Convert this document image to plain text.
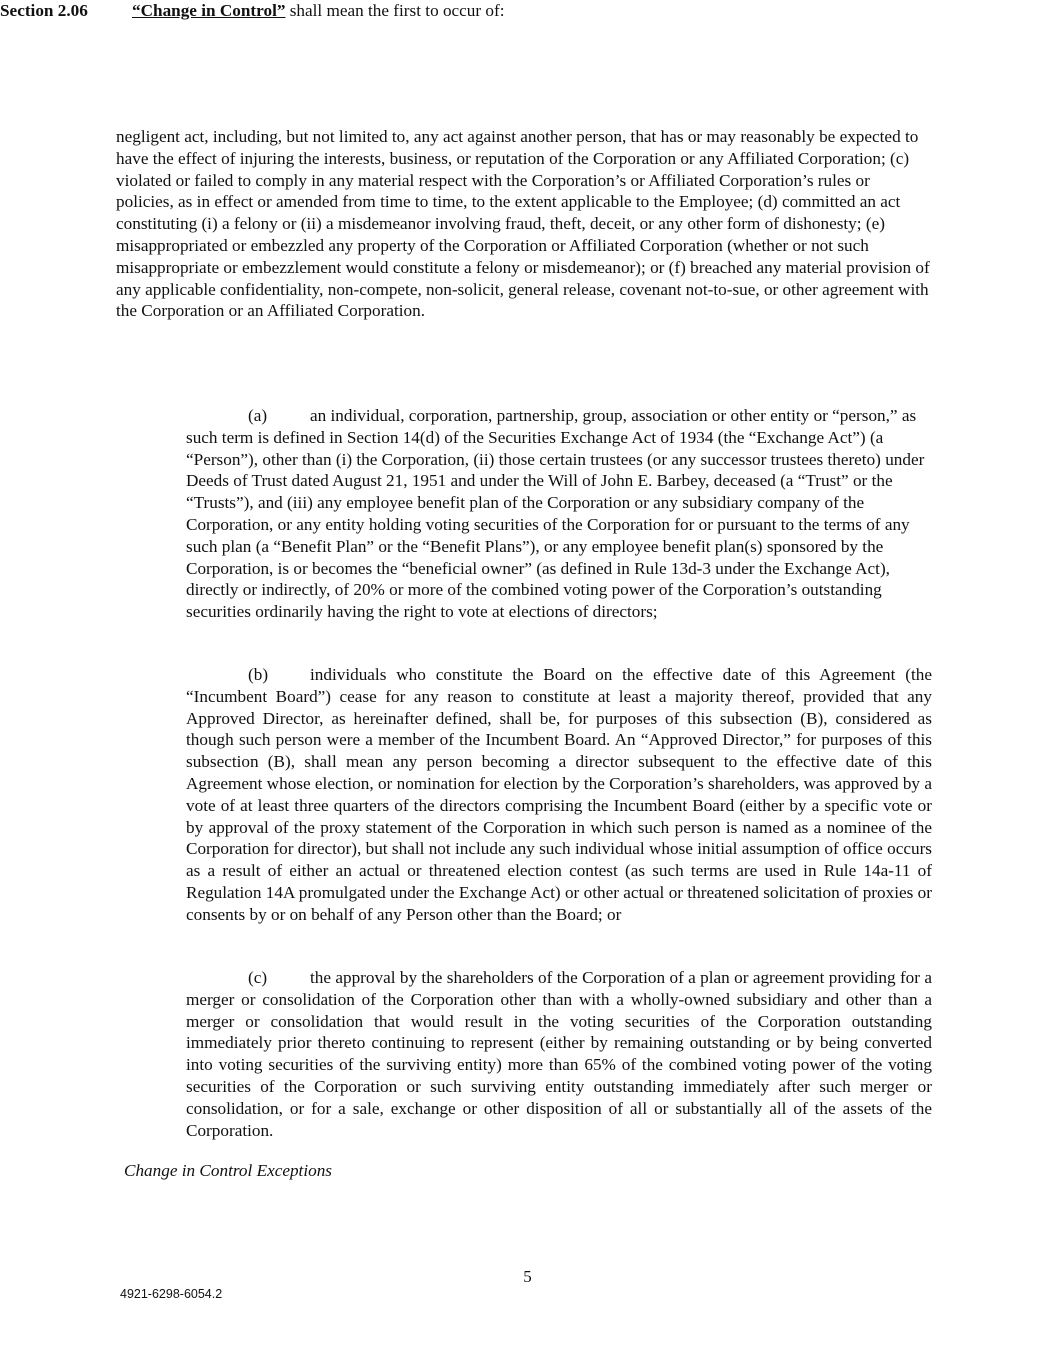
negligent act, including, but not limited to, any act against another person, that has or may reasonably be expected to have the effect of injuring the interests, business, or reputation of the Corporation or any Affiliated Corporation; (c) violated or failed to comply in any material respect with the Corporation’s or Affiliated Corporation’s rules or policies, as in effect or amended from time to time, to the extent applicable to the Employee; (d) committed an act constituting (i) a felony or (ii) a misdemeanor involving fraud, theft, deceit, or any other form of dishonesty; (e) misappropriated or embezzled any property of the Corporation or Affiliated Corporation (whether or not such misappropriate or embezzlement would constitute a felony or misdemeanor); or (f) breached any material provision of any applicable confidentiality, non-compete, non-solicit, general release, covenant not-to-sue, or other agreement with the Corporation or an Affiliated Corporation.

Section 2.06	“Change in Control” shall mean the first to occur of:

(a) an individual, corporation, partnership, group, association or other entity or “person,” as such term is defined in Section 14(d) of the Securities Exchange Act of 1934 (the “Exchange Act”) (a “Person”), other than (i) the Corporation, (ii) those certain trustees (or any successor trustees thereto) under Deeds of Trust dated August 21, 1951 and under the Will of John E. Barbey, deceased (a “Trust” or the “Trusts”), and (iii) any employee benefit plan of the Corporation or any subsidiary company of the Corporation, or any entity holding voting securities of the Corporation for or pursuant to the terms of any such plan (a “Benefit Plan” or the “Benefit Plans”), or any employee benefit plan(s) sponsored by the Corporation, is or becomes the “beneficial owner” (as defined in Rule 13d-3 under the Exchange Act), directly or indirectly, of 20% or more of the combined voting power of the Corporation’s outstanding securities ordinarily having the right to vote at elections of directors;

(b) individuals who constitute the Board on the effective date of this Agreement (the “Incumbent Board”) cease for any reason to constitute at least a majority thereof, provided that any Approved Director, as hereinafter defined, shall be, for purposes of this subsection (B), considered as though such person were a member of the Incumbent Board. An “Approved Director,” for purposes of this subsection (B), shall mean any person becoming a director subsequent to the effective date of this Agreement whose election, or nomination for election by the Corporation’s shareholders, was approved by a vote of at least three quarters of the directors comprising the Incumbent Board (either by a specific vote or by approval of the proxy statement of the Corporation in which such person is named as a nominee of the Corporation for director), but shall not include any such individual whose initial assumption of office occurs as a result of either an actual or threatened election contest (as such terms are used in Rule 14a-11 of Regulation 14A promulgated under the Exchange Act) or other actual or threatened solicitation of proxies or consents by or on behalf of any Person other than the Board; or

(c) the approval by the shareholders of the Corporation of a plan or agreement providing for a merger or consolidation of the Corporation other than with a wholly-owned subsidiary and other than a merger or consolidation that would result in the voting securities of the Corporation outstanding immediately prior thereto continuing to represent (either by remaining outstanding or by being converted into voting securities of the surviving entity) more than 65% of the combined voting power of the voting securities of the Corporation or such surviving entity outstanding immediately after such merger or consolidation, or for a sale, exchange or other disposition of all or substantially all of the assets of the Corporation.

Change in Control Exceptions
5
4921-6298-6054.2
